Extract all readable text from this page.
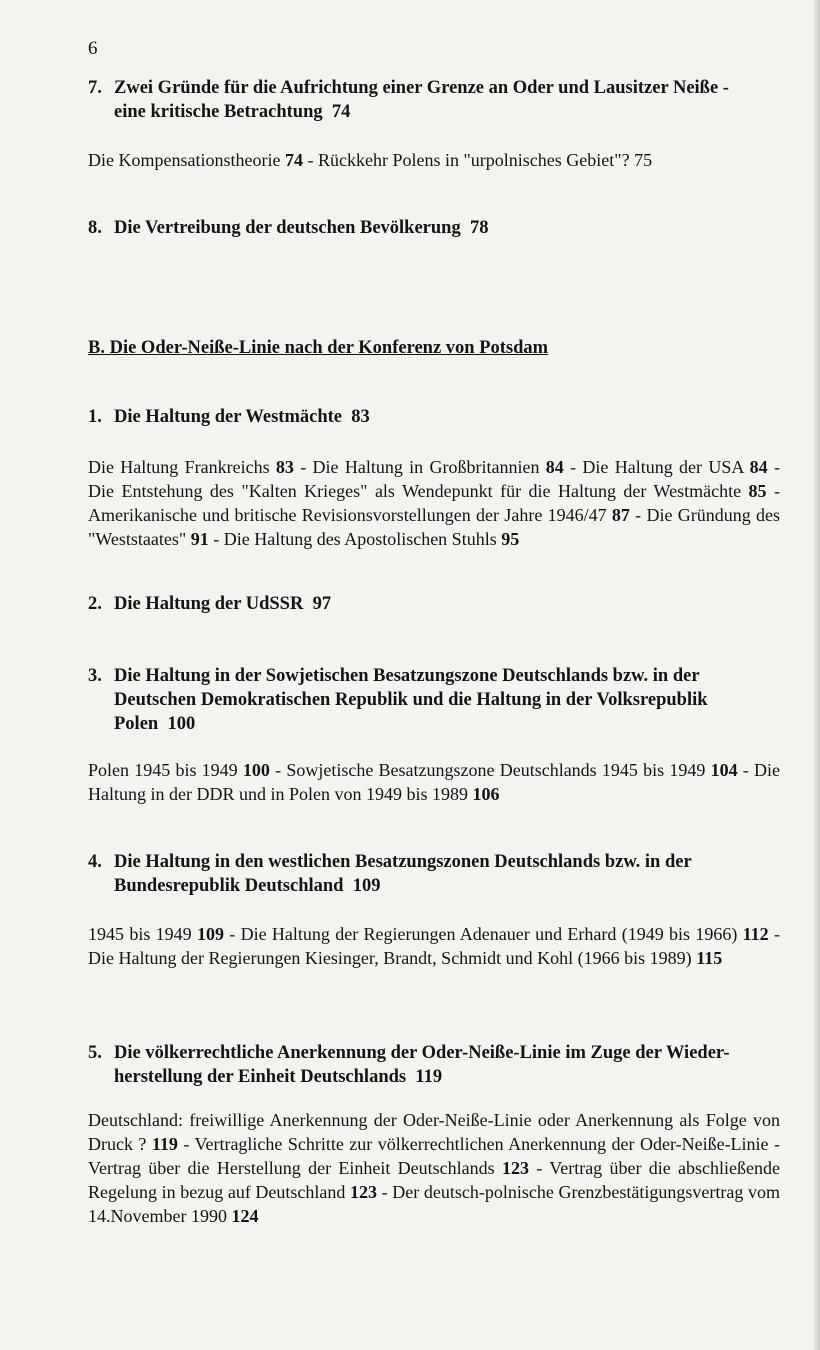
6
7. Zwei Gründe für die Aufrichtung einer Grenze an Oder und Lausitzer Neiße -
eine kritische Betrachtung 74
Die Kompensationstheorie 74 - Rückkehr Polens in "urpolnisches Gebiet"? 75
8. Die Vertreibung der deutschen Bevölkerung 78
B. Die Oder-Neiße-Linie nach der Konferenz von Potsdam
1. Die Haltung der Westmächte 83
Die Haltung Frankreichs 83 - Die Haltung in Großbritannien 84 - Die Haltung der USA 84 - Die Entstehung des "Kalten Krieges" als Wendepunkt für die Haltung der Westmächte 85 - Amerikanische und britische Revisionsvorstellungen der Jahre 1946/47 87 - Die Gründung des "Weststaates" 91 - Die Haltung des Apostolischen Stuhls 95
2. Die Haltung der UdSSR 97
3. Die Haltung in der Sowjetischen Besatzungszone Deutschlands bzw. in der
Deutschen Demokratischen Republik und die Haltung in der Volksrepublik
Polen 100
Polen 1945 bis 1949 100 - Sowjetische Besatzungszone Deutschlands 1945 bis 1949 104 - Die Haltung in der DDR und in Polen von 1949 bis 1989 106
4. Die Haltung in den westlichen Besatzungszonen Deutschlands bzw. in der
Bundesrepublik Deutschland 109
1945 bis 1949 109 - Die Haltung der Regierungen Adenauer und Erhard (1949 bis 1966) 112 - Die Haltung der Regierungen Kiesinger, Brandt, Schmidt und Kohl (1966 bis 1989) 115
5. Die völkerrechtliche Anerkennung der Oder-Neiße-Linie im Zuge der Wieder-
herstellung der Einheit Deutschlands 119
Deutschland: freiwillige Anerkennung der Oder-Neiße-Linie oder Anerkennung als Folge von Druck ? 119 - Vertragliche Schritte zur völkerrechtlichen Anerkennung der Oder-Neiße-Linie - Vertrag über die Herstellung der Einheit Deutschlands 123 - Vertrag über die abschließende Regelung in bezug auf Deutschland 123 - Der deutsch-polnische Grenzbestätigungsvertrag vom 14.November 1990 124
